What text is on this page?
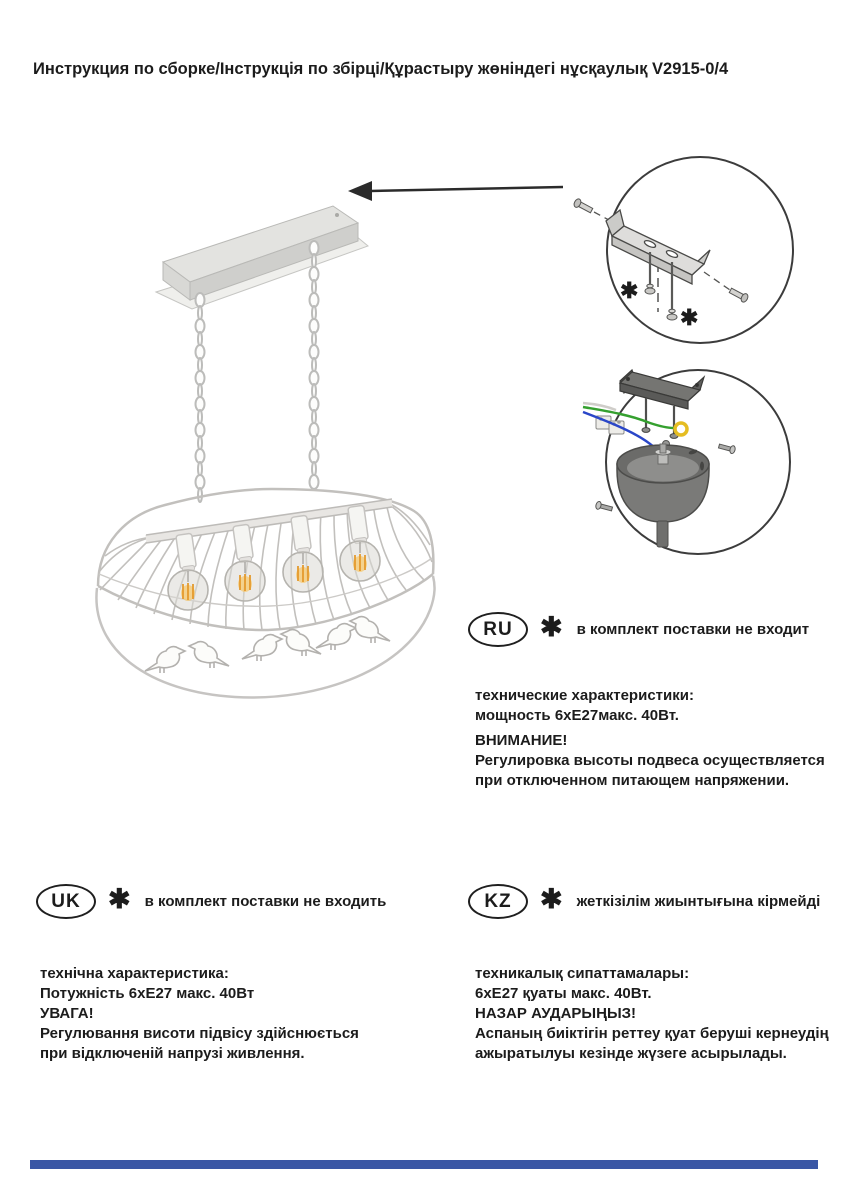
Инструкция по сборке/Інструкція по збірці/Құрастыру жөніндегі нұсқаулық V2915-0/4
✱
✱
RU	✱ в комплект поставки не входит
UK	✱ в комплект поставки не входить	KZ	✱ жеткізілім жиынтығына кірмейді
технические характеристики:
мощность 6хЕ27макс. 40Вт.
ВНИМАНИЕ!
Регулировка высоты подвеса осуществляется
при отключенном питающем напряжении.
технічна характеристика:
Потужність 6хЕ27 макс. 40Вт
УВАГА!
Регулювання висоти підвісу здійснюється
при відключеній напрузі живлення.
техникалық сипаттамалары:
6хЕ27 қуаты макс. 40Вт.
НАЗАР АУДАРЫҢЫЗ!
Аспаның биіктігін реттеу қуат беруші кернеудің
ажыратылуы кезінде жүзеге асырылады.
